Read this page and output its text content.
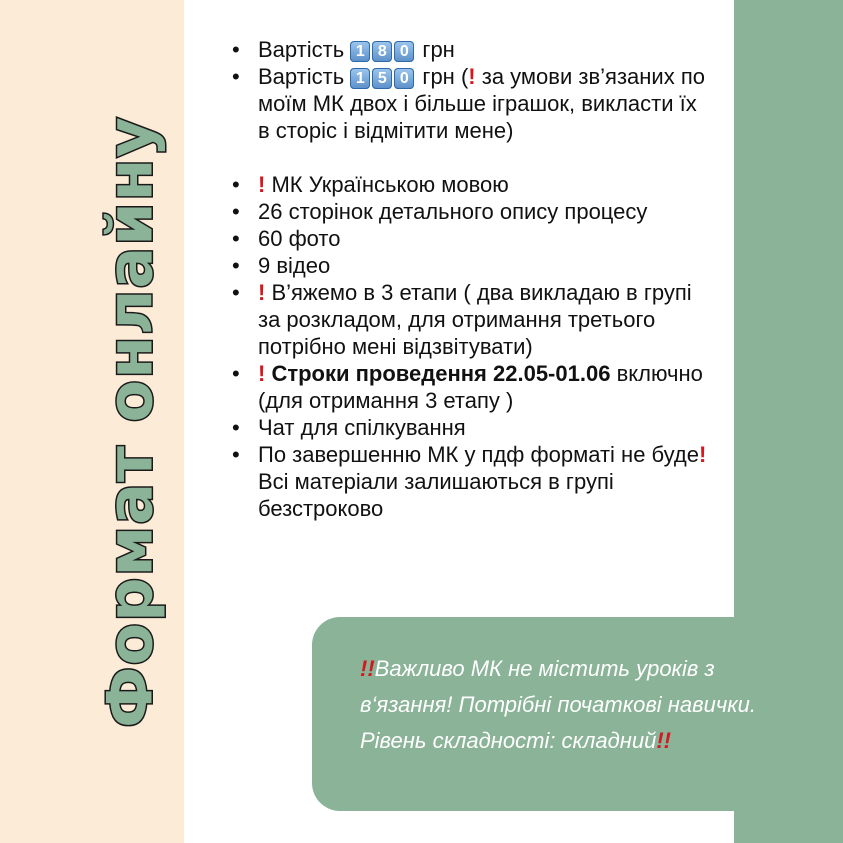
Формат онлайну
• Вартість 1 8 0 грн
• Вартість 1 5 0 грн (! за умови зв’язаних по моїм МК двох і більше іграшок, викласти їх в сторіс і відмітити мене)
• ! МК Українською мовою
• 26 сторінок детального опису процесу
• 60 фото
• 9 відео
• ! В’яжемо в 3 етапи ( два викладаю в групі за розкладом, для отримання третього потрібно мені відзвітувати)
• ! Строки проведення 22.05-01.06 включно (для отримання 3 етапу )
• Чат для спілкування
• По завершенню МК у пдф форматі не буде!Всі матеріали залишаються в групі безстроково
!!Важливо МК не містить уроків з в‘язання! Потрібні початкові навички. Рівень складності: складний!!
